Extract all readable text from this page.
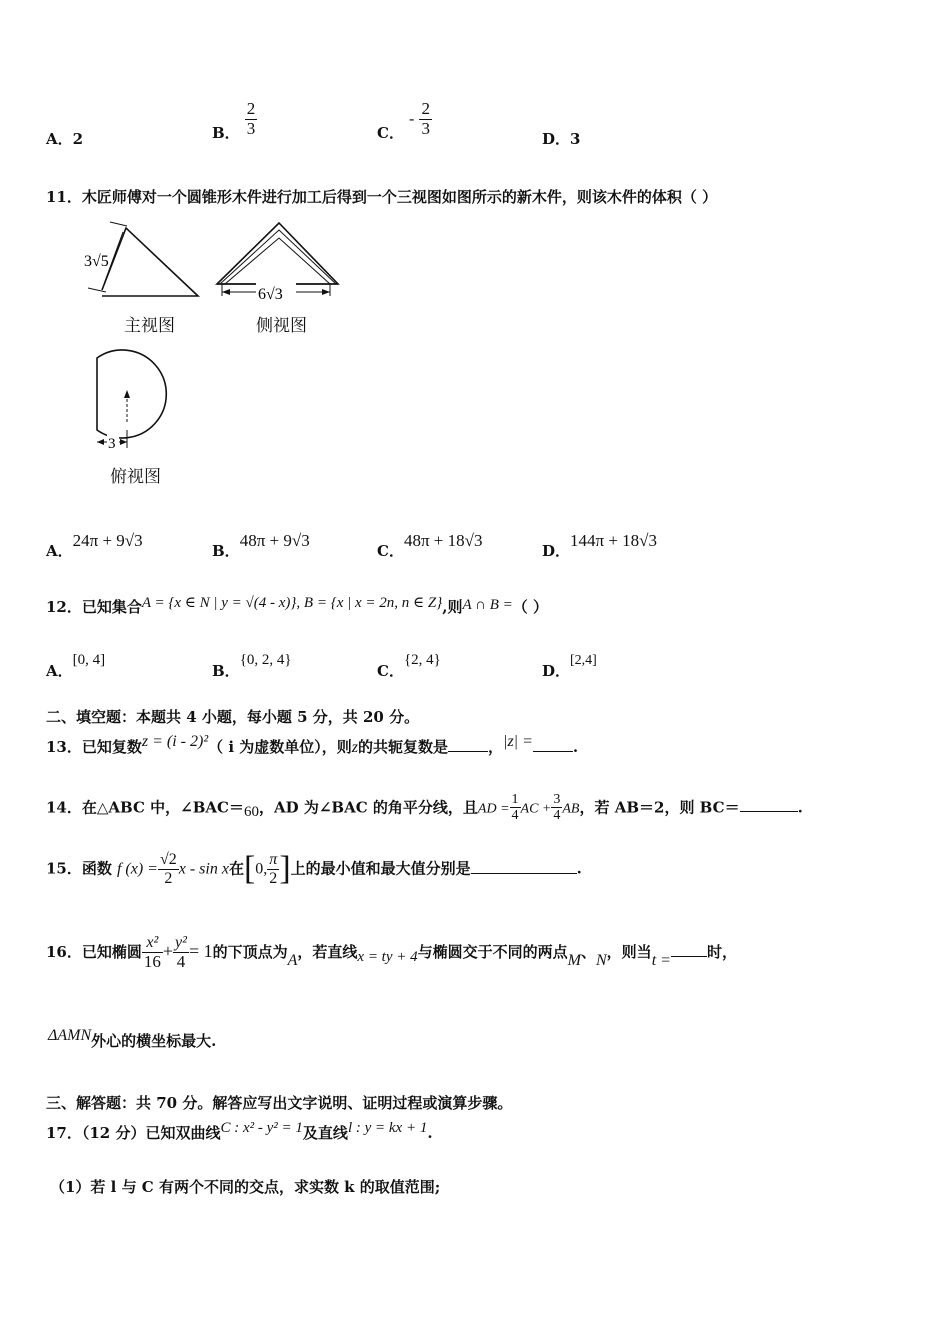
A．2	B． $\frac{2}{3}$	C． - $\frac{2}{3}$
D．3
11．木匠师傅对一个圆锥形木件进行加工后得到一个三视图如图所示的新木件，则该木件的体积（ ）
3√5
6√3
3
主视图	侧视图
俯视图
A．24π + 9√3
B．48π + 9√3
C．48π + 18√3
D．144π + 18√3
12．已知集合A = {x ∈ N | y = √(4 - x)}, B = {x | x = 2n, n ∈ Z},则A ∩ B =（ ）
A．[0, 4]
B．{0, 2, 4}
C．{2, 4}
D．[2,4]
二、填空题：本题共 4 小题，每小题 5 分，共 20 分。
13．已知复数z = (i - 2)²（ i 为虚数单位），则z的共轭复数是	，|z| =	.
14．在△ABC 中，∠BAC＝60，AD 为∠BAC 的角平分线，且AD = $\frac{1}{4}$ AC + $\frac{3}{4}$ AB，若 AB＝2，则 BC＝	.
15．函数 f $(x) = \frac{√2}{2}$ x - sin x在[0, $\frac{\pi}{2}$ ]上的最小值和最大值分别是	.
16．已知椭圆 $\frac{\text{x²}}{16} + \frac{\text{y²}}{4} = 1$的下顶点为A，若直线x = ty + 4与椭圆交于不同的两点M、N，则当t = 时，
ΔAMN外心的横坐标最大.
三、解答题：共 70 分。解答应写出文字说明、证明过程或演算步骤。
17．（12 分）已知双曲线C : x² - y² = 1及直线l : y = kx + 1.
（1）若 l 与 C 有两个不同的交点，求实数 k 的取值范围;
